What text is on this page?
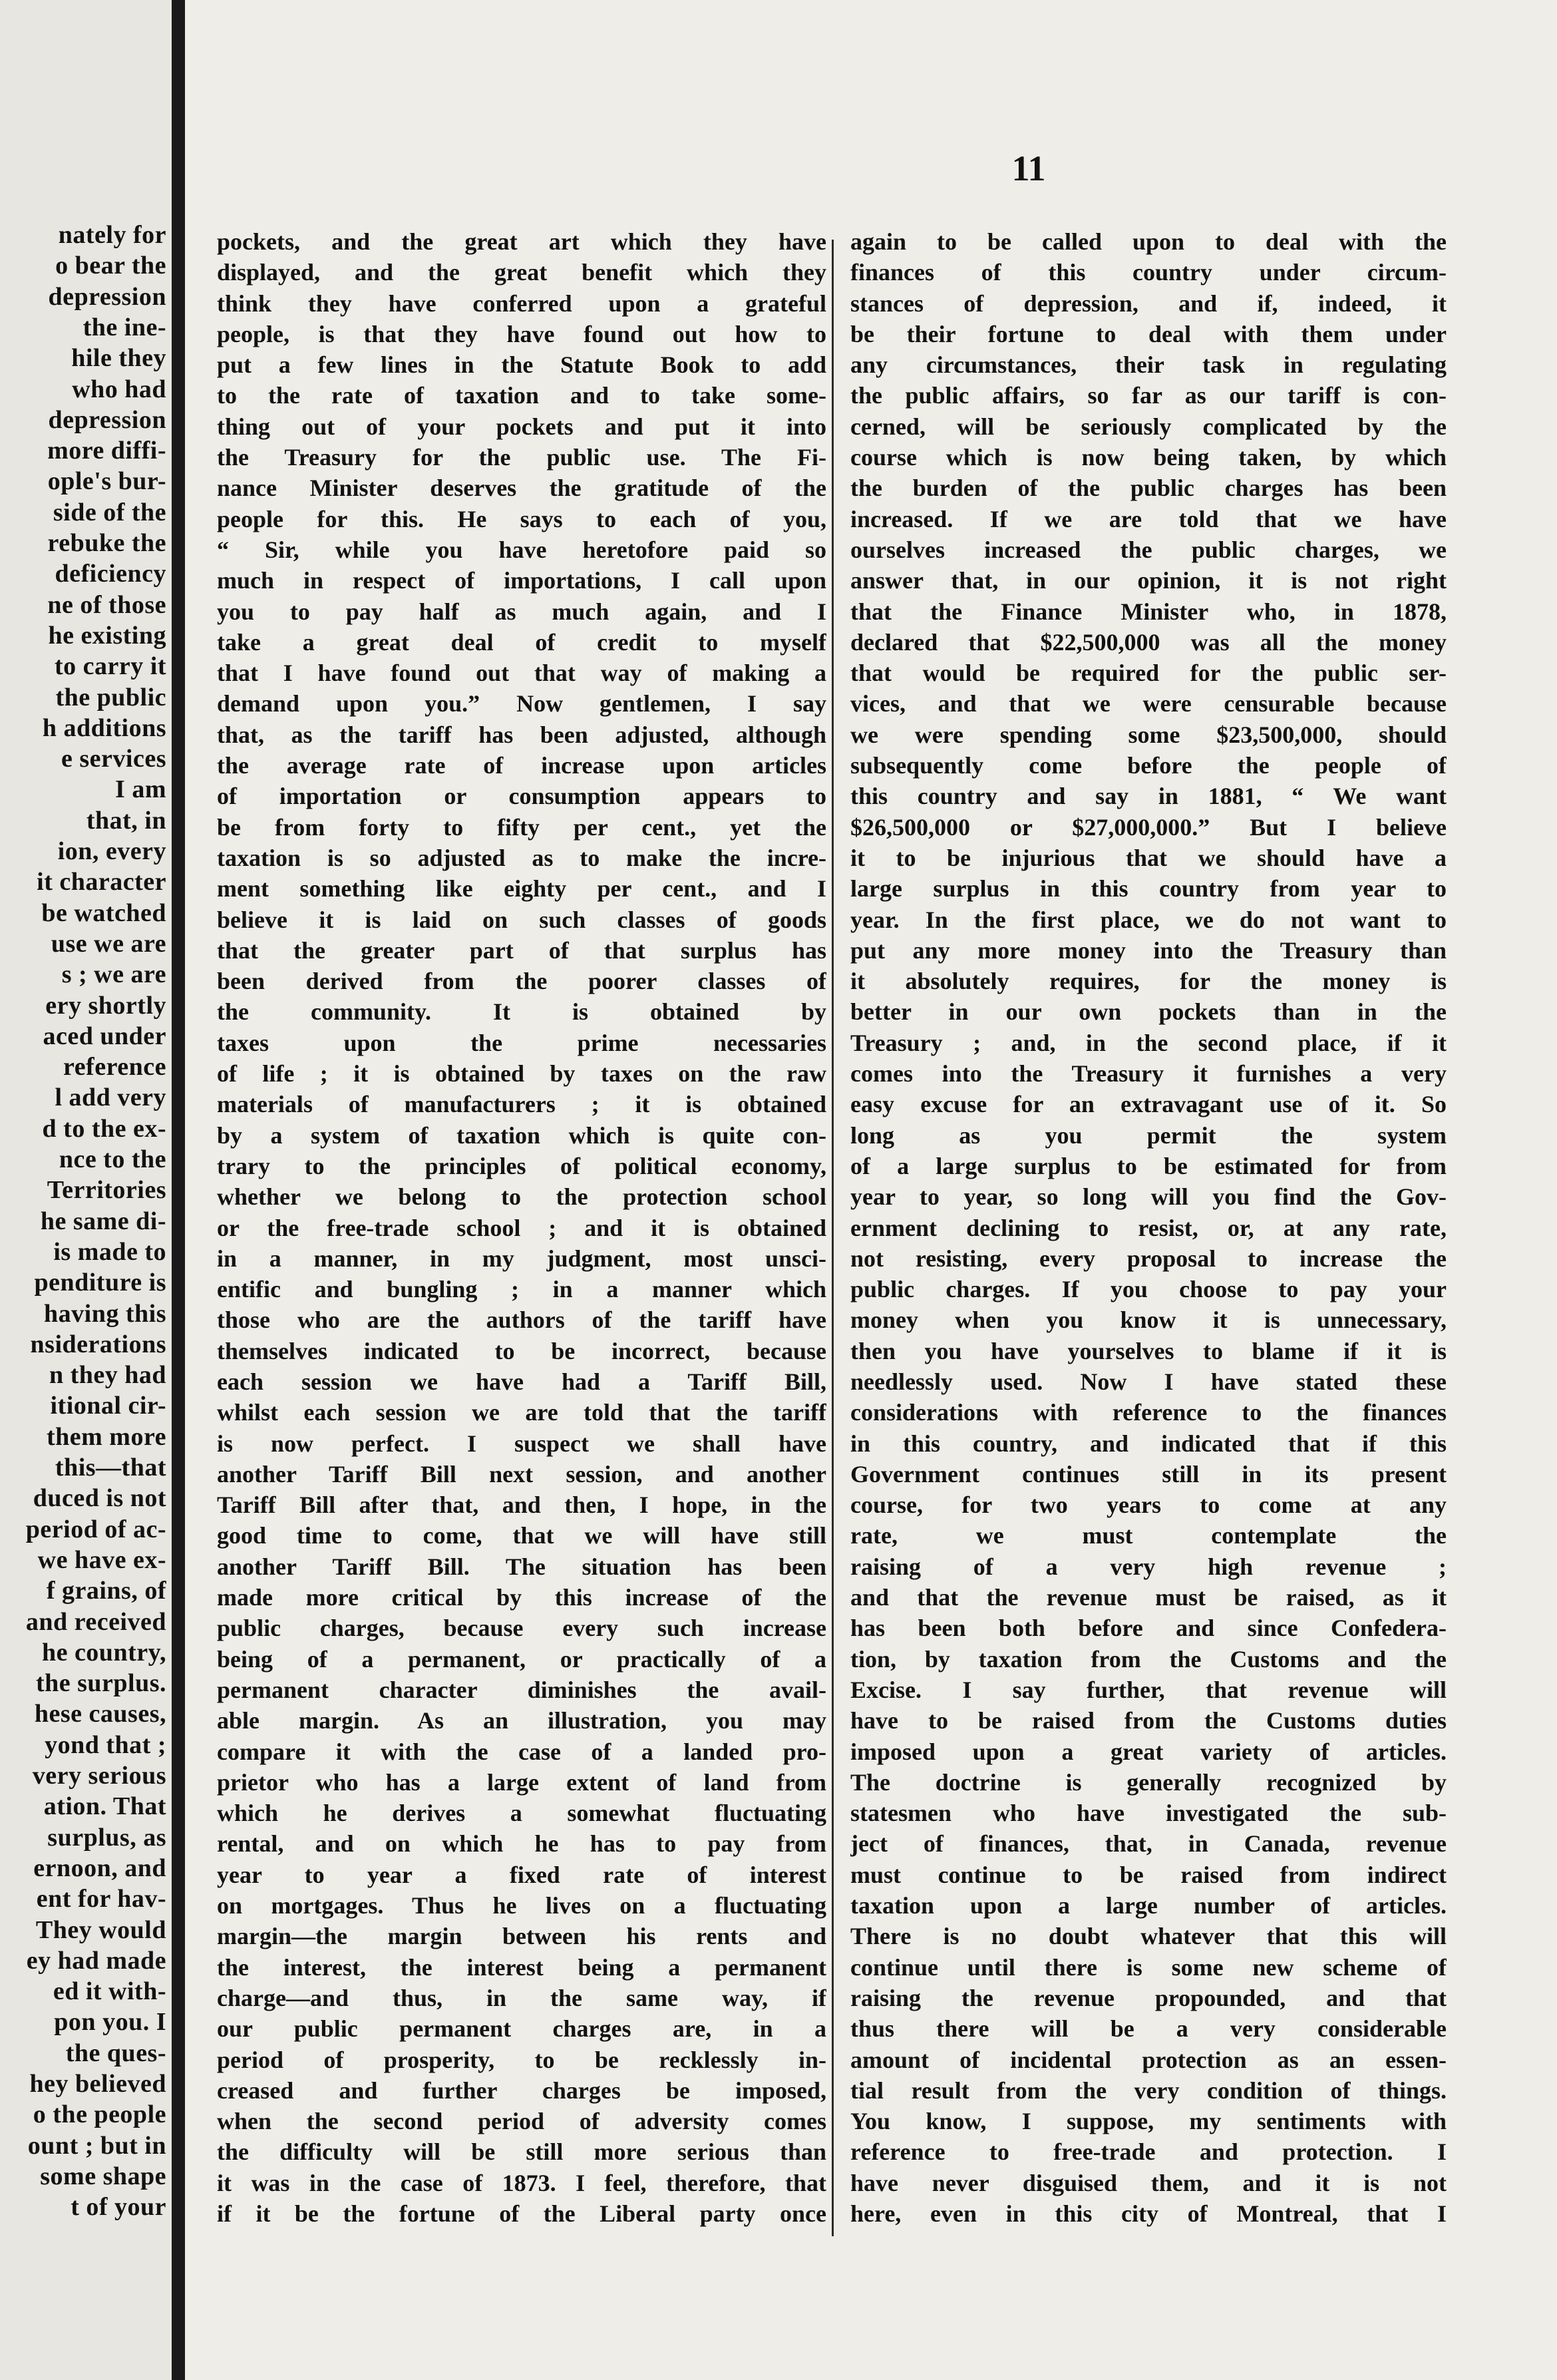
nately for
o bear the
depression
the ine-
hile they
who had
depression
more diffi-
ople's bur-
side of the
rebuke the
deficiency
ne of those
he existing
to carry it
the public
h additions
e services
I am
that, in
ion, every
it character
be watched
use we are
s ; we are
ery shortly
aced under
reference
l add very
d to the ex-
nce to the
Territories
he same di-
is made to
penditure is
having this
nsiderations
n they had
itional cir-
them more
this—that
duced is not
period of ac-
we have ex-
f grains, of
and received
he country,
the surplus.
hese causes,
yond that ;
very serious
ation. That
surplus, as
ernoon, and
ent for hav-
They would
ey had made
ed it with-
pon you. I
the ques-
hey believed
o the people
ount ; but in
some shape
t of your
11
pockets, and the great art which they have
displayed, and the great benefit which they
think they have conferred upon a grateful
people, is that they have found out how to
put a few lines in the Statute Book to add
to the rate of taxation and to take some-
thing out of your pockets and put it into
the Treasury for the public use. The Fi-
nance Minister deserves the gratitude of the
people for this. He says to each of you,
“ Sir, while you have heretofore paid so
much in respect of importations, I call upon
you to pay half as much again, and I
take a great deal of credit to myself
that I have found out that way of making a
demand upon you.” Now gentlemen, I say
that, as the tariff has been adjusted, although
the average rate of increase upon articles
of importation or consumption appears to
be from forty to fifty per cent., yet the
taxation is so adjusted as to make the incre-
ment something like eighty per cent., and I
believe it is laid on such classes of goods
that the greater part of that surplus has
been derived from the poorer classes of
the community. It is obtained by
taxes upon the prime necessaries
of life ; it is obtained by taxes on the raw
materials of manufacturers ; it is obtained
by a system of taxation which is quite con-
trary to the principles of political economy,
whether we belong to the protection school
or the free-trade school ; and it is obtained
in a manner, in my judgment, most unsci-
entific and bungling ; in a manner which
those who are the authors of the tariff have
themselves indicated to be incorrect, because
each session we have had a Tariff Bill,
whilst each session we are told that the tariff
is now perfect. I suspect we shall have
another Tariff Bill next session, and another
Tariff Bill after that, and then, I hope, in the
good time to come, that we will have still
another Tariff Bill. The situation has been
made more critical by this increase of the
public charges, because every such increase
being of a permanent, or practically of a
permanent character diminishes the avail-
able margin. As an illustration, you may
compare it with the case of a landed pro-
prietor who has a large extent of land from
which he derives a somewhat fluctuating
rental, and on which he has to pay from
year to year a fixed rate of interest
on mortgages. Thus he lives on a fluctuating
margin—the margin between his rents and
the interest, the interest being a permanent
charge—and thus, in the same way, if
our public permanent charges are, in a
period of prosperity, to be recklessly in-
creased and further charges be imposed,
when the second period of adversity comes
the difficulty will be still more serious than
it was in the case of 1873. I feel, therefore, that
if it be the fortune of the Liberal party once
again to be called upon to deal with the
finances of this country under circum-
stances of depression, and if, indeed, it
be their fortune to deal with them under
any circumstances, their task in regulating
the public affairs, so far as our tariff is con-
cerned, will be seriously complicated by the
course which is now being taken, by which
the burden of the public charges has been
increased. If we are told that we have
ourselves increased the public charges, we
answer that, in our opinion, it is not right
that the Finance Minister who, in 1878,
declared that $22,500,000 was all the money
that would be required for the public ser-
vices, and that we were censurable because
we were spending some $23,500,000, should
subsequently come before the people of
this country and say in 1881, “ We want
$26,500,000 or $27,000,000.” But I believe
it to be injurious that we should have a
large surplus in this country from year to
year. In the first place, we do not want to
put any more money into the Treasury than
it absolutely requires, for the money is
better in our own pockets than in the
Treasury ; and, in the second place, if it
comes into the Treasury it furnishes a very
easy excuse for an extravagant use of it. So
long as you permit the system
of a large surplus to be estimated for from
year to year, so long will you find the Gov-
ernment declining to resist, or, at any rate,
not resisting, every proposal to increase the
public charges. If you choose to pay your
money when you know it is unnecessary,
then you have yourselves to blame if it is
needlessly used. Now I have stated these
considerations with reference to the finances
in this country, and indicated that if this
Government continues still in its present
course, for two years to come at any
rate, we must contemplate the
raising of a very high revenue ;
and that the revenue must be raised, as it
has been both before and since Confedera-
tion, by taxation from the Customs and the
Excise. I say further, that revenue will
have to be raised from the Customs duties
imposed upon a great variety of articles.
The doctrine is generally recognized by
statesmen who have investigated the sub-
ject of finances, that, in Canada, revenue
must continue to be raised from indirect
taxation upon a large number of articles.
There is no doubt whatever that this will
continue until there is some new scheme of
raising the revenue propounded, and that
thus there will be a very considerable
amount of incidental protection as an essen-
tial result from the very condition of things.
You know, I suppose, my sentiments with
reference to free-trade and protection. I
have never disguised them, and it is not
here, even in this city of Montreal, that I
